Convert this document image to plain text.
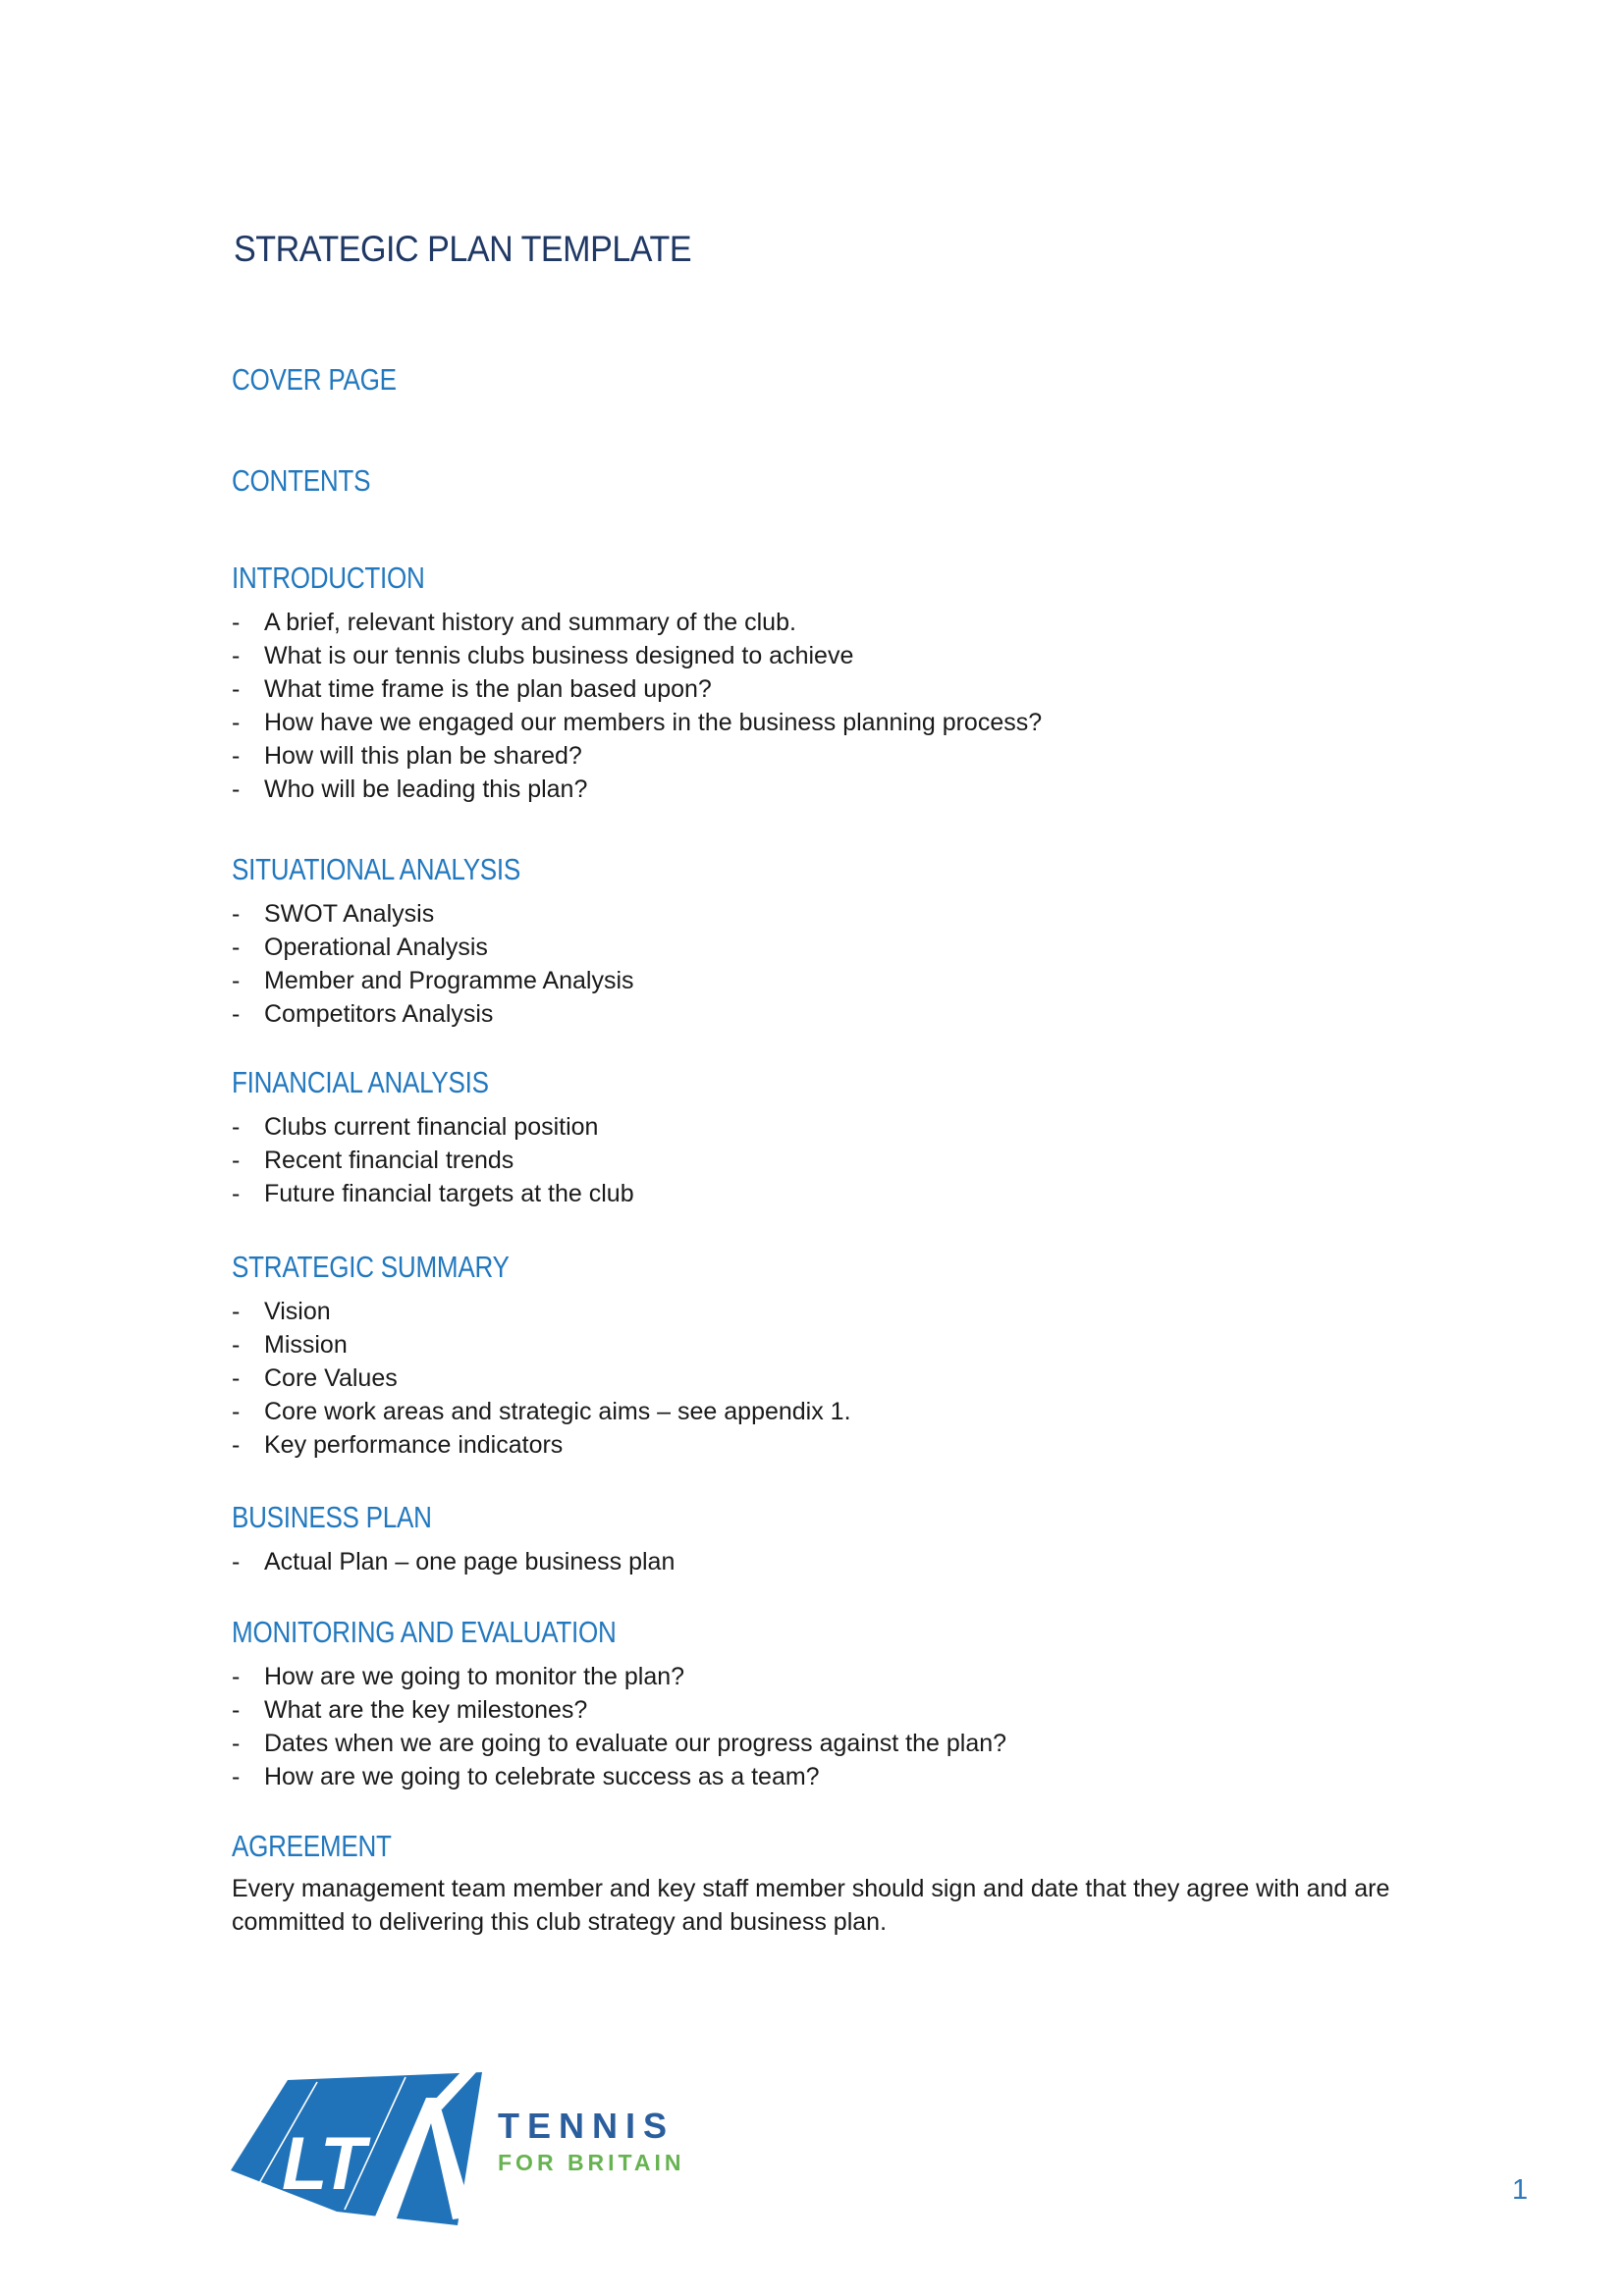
STRATEGIC PLAN TEMPLATE
COVER PAGE
CONTENTS
INTRODUCTION
- A brief, relevant history and summary of the club.
- What is our tennis clubs business designed to achieve
- What time frame is the plan based upon?
- How have we engaged our members in the business planning process?
- How will this plan be shared?
- Who will be leading this plan?
SITUATIONAL ANALYSIS
- SWOT Analysis
- Operational Analysis
- Member and Programme Analysis
- Competitors Analysis
FINANCIAL ANALYSIS
- Clubs current financial position
- Recent financial trends
- Future financial targets at the club
STRATEGIC SUMMARY
- Vision
- Mission
- Core Values
- Core work areas and strategic aims – see appendix 1.
- Key performance indicators
BUSINESS PLAN
- Actual Plan – one page business plan
MONITORING AND EVALUATION
- How are we going to monitor the plan?
- What are the key milestones?
- Dates when we are going to evaluate our progress against the plan?
- How are we going to celebrate success as a team?
AGREEMENT

Every management team member and key staff member should sign and date that they agree with and are committed to delivering this club strategy and business plan.

LT	TENNIS
FOR BRITAIN
1
